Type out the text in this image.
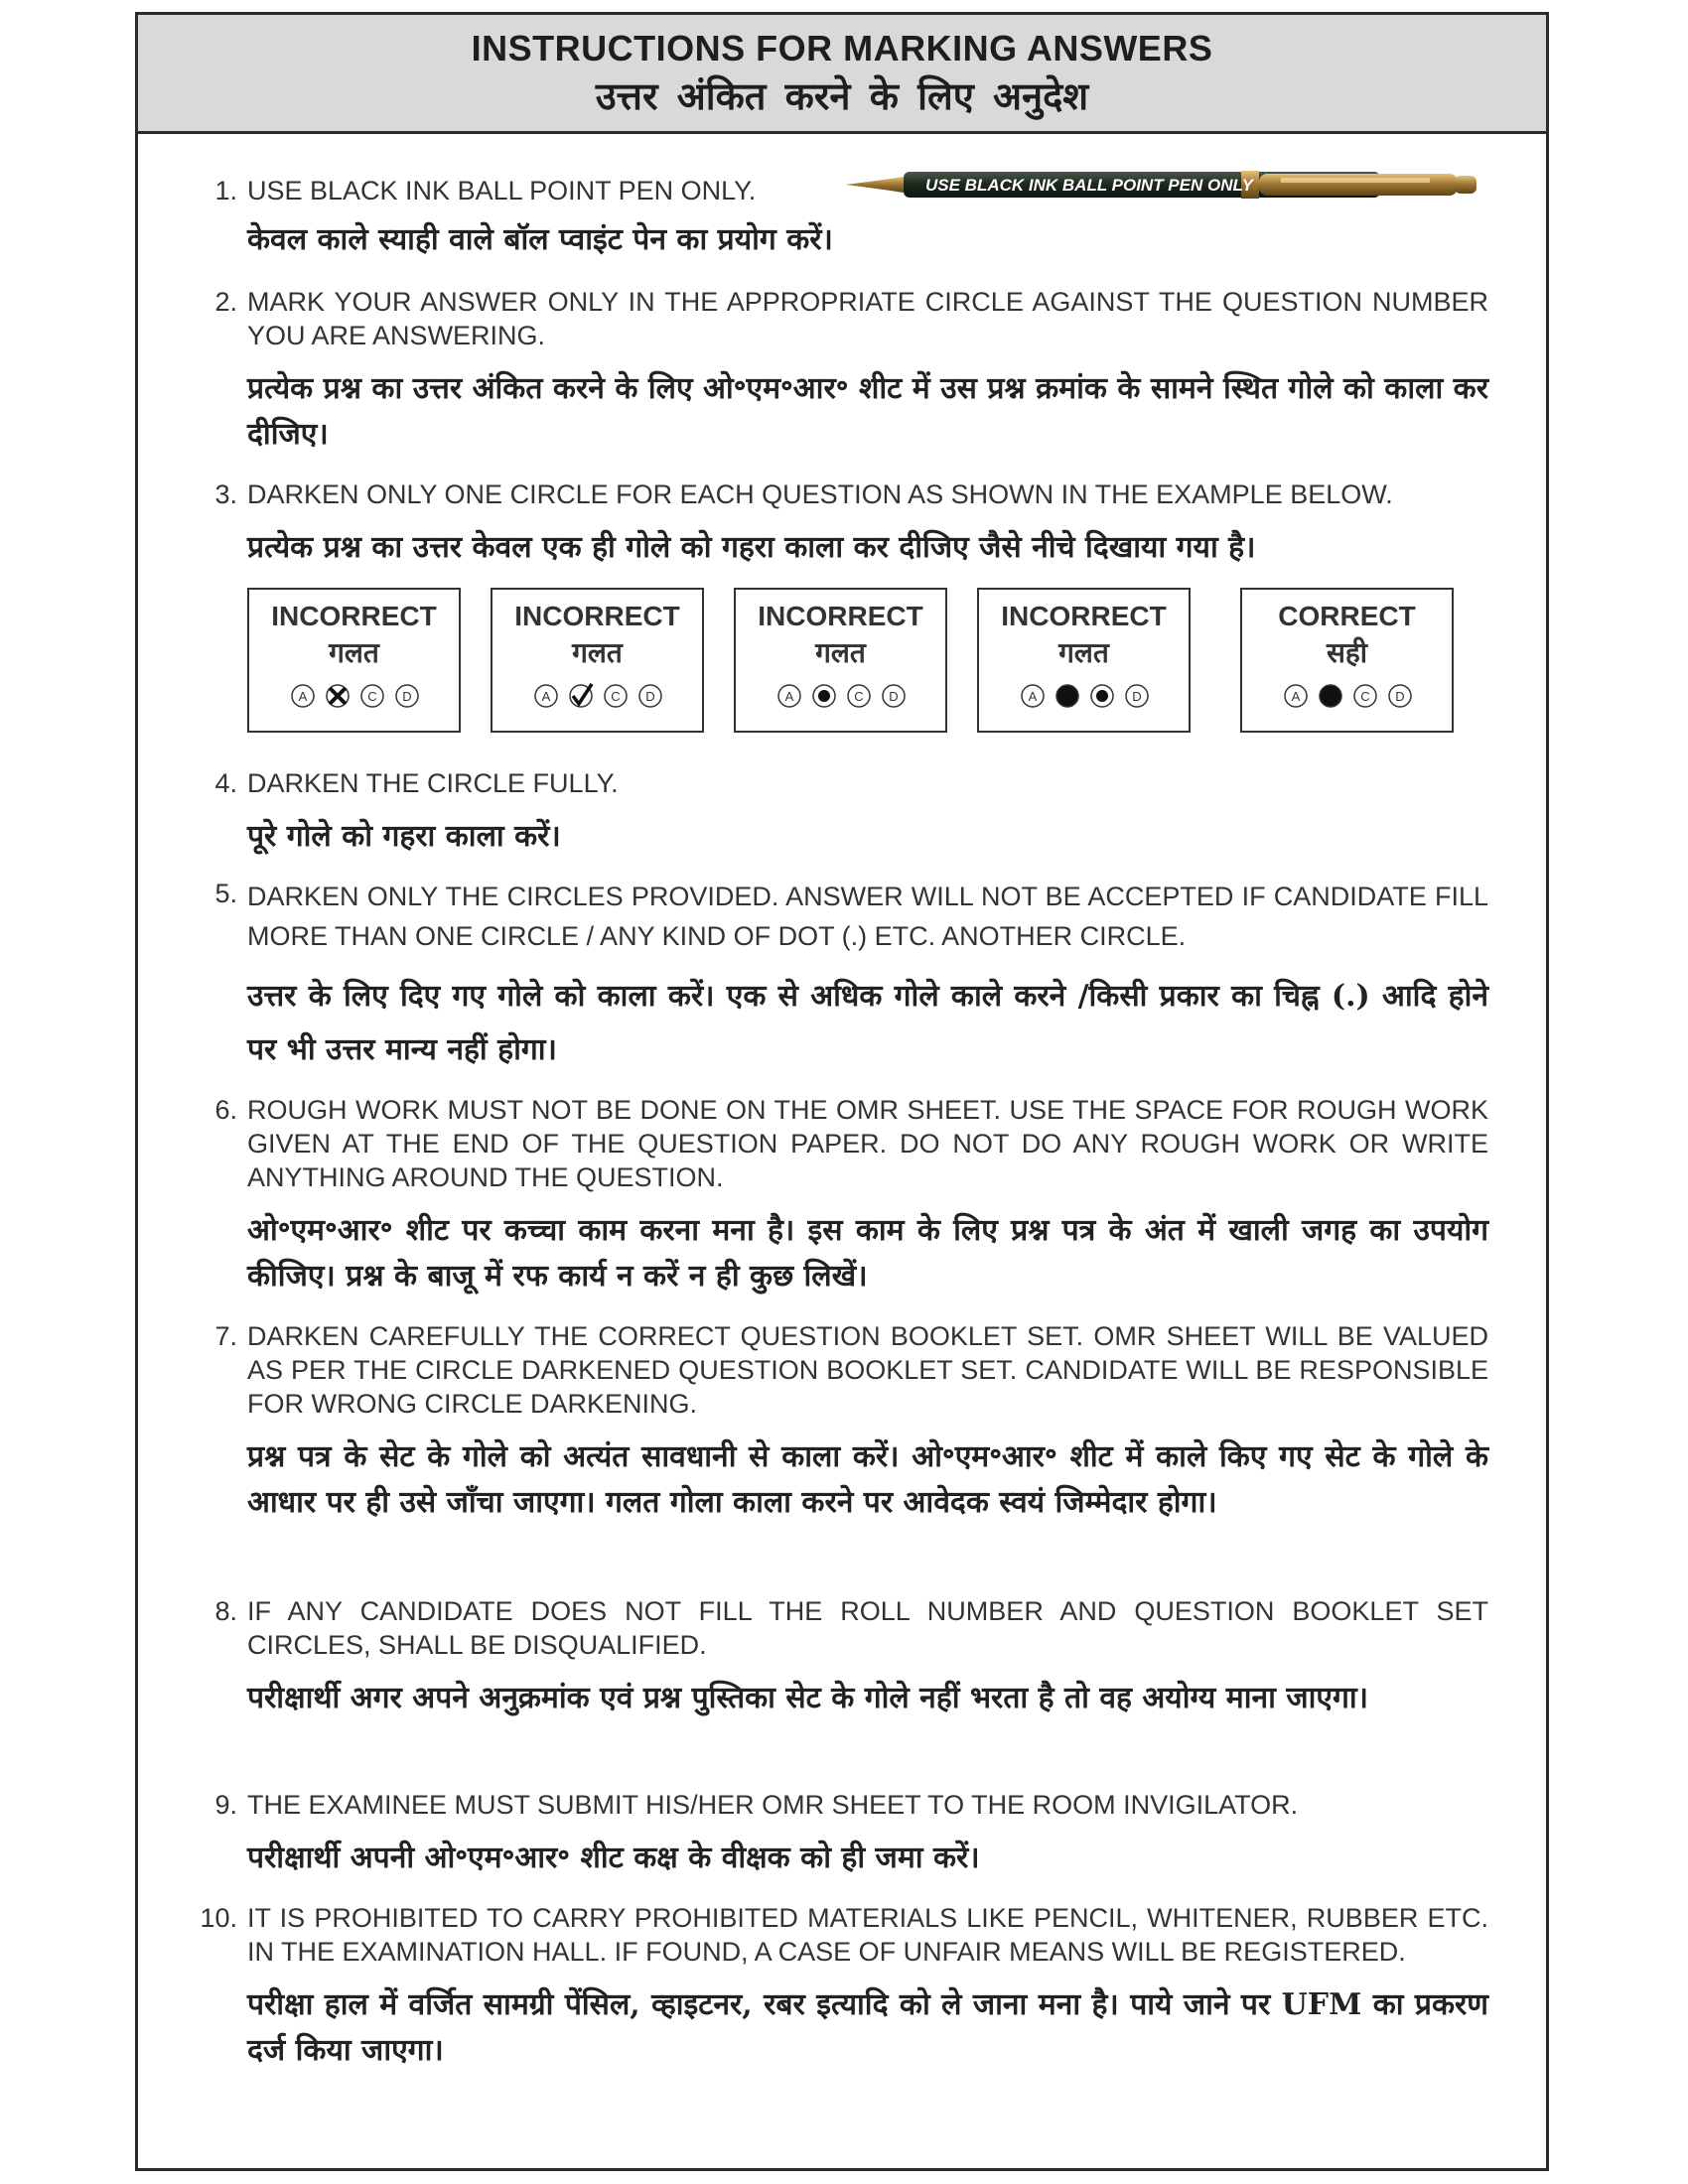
INSTRUCTIONS FOR MARKING ANSWERS
उत्तर अंकित करने के लिए अनुदेश
USE BLACK INK BALL POINT PEN ONLY
1. USE BLACK INK BALL POINT PEN ONLY.
केवल काले स्याही वाले बॉल प्वाइंट पेन का प्रयोग करें।
2. MARK YOUR ANSWER ONLY IN THE APPROPRIATE CIRCLE AGAINST THE QUESTION NUMBER YOU ARE ANSWERING.
प्रत्येक प्रश्न का उत्तर अंकित करने के लिए ओ॰एम॰आर॰ शीट में उस प्रश्न क्रमांक के सामने स्थित गोले को काला कर दीजिए।
3. DARKEN ONLY ONE CIRCLE FOR EACH QUESTION AS SHOWN IN THE EXAMPLE BELOW.
प्रत्येक प्रश्न का उत्तर केवल एक ही गोले को गहरा काला कर दीजिए जैसे नीचे दिखाया गया है।
INCORRECT
गलत
A	C D
INCORRECT
गलत
A	C D
INCORRECT
गलत
A	C D
INCORRECT
गलत
A	D
CORRECT
सही
A	C D
4. DARKEN THE CIRCLE FULLY.
पूरे गोले को गहरा काला करें।
5. DARKEN ONLY THE CIRCLES PROVIDED. ANSWER WILL NOT BE ACCEPTED IF CANDIDATE FILL MORE THAN ONE CIRCLE / ANY KIND OF DOT (.) ETC. ANOTHER CIRCLE.
उत्तर के लिए दिए गए गोले को काला करें। एक से अधिक गोले काले करने /किसी प्रकार का चिह्न (.) आदि होने पर भी उत्तर मान्य नहीं होगा।
6. ROUGH WORK MUST NOT BE DONE ON THE OMR SHEET. USE THE SPACE FOR ROUGH WORK GIVEN AT THE END OF THE QUESTION PAPER. DO NOT DO ANY ROUGH WORK OR WRITE ANYTHING AROUND THE QUESTION.
ओ॰एम॰आर॰ शीट पर कच्चा काम करना मना है। इस काम के लिए प्रश्न पत्र के अंत में खाली जगह का उपयोग कीजिए। प्रश्न के बाजू में रफ कार्य न करें न ही कुछ लिखें।
7. DARKEN CAREFULLY THE CORRECT QUESTION BOOKLET SET. OMR SHEET WILL BE VALUED AS PER THE CIRCLE DARKENED QUESTION BOOKLET SET. CANDIDATE WILL BE RESPONSIBLE FOR WRONG CIRCLE DARKENING.
प्रश्न पत्र के सेट के गोले को अत्यंत सावधानी से काला करें। ओ॰एम॰आर॰ शीट में काले किए गए सेट के गोले के आधार पर ही उसे जाँचा जाएगा। गलत गोला काला करने पर आवेदक स्वयं जिम्मेदार होगा।
8. IF ANY CANDIDATE DOES NOT FILL THE ROLL NUMBER AND QUESTION BOOKLET SET CIRCLES, SHALL BE DISQUALIFIED.
परीक्षार्थी अगर अपने अनुक्रमांक एवं प्रश्न पुस्तिका सेट के गोले नहीं भरता है तो वह अयोग्य माना जाएगा।
9. THE EXAMINEE MUST SUBMIT HIS/HER OMR SHEET TO THE ROOM INVIGILATOR.
परीक्षार्थी अपनी ओ॰एम॰आर॰ शीट कक्ष के वीक्षक को ही जमा करें।
10. IT IS PROHIBITED TO CARRY PROHIBITED MATERIALS LIKE PENCIL, WHITENER, RUBBER ETC. IN THE EXAMINATION HALL. IF FOUND, A CASE OF UNFAIR MEANS WILL BE REGISTERED.
परीक्षा हाल में वर्जित सामग्री पेंसिल, व्हाइटनर, रबर इत्यादि को ले जाना मना है। पाये जाने पर UFM का प्रकरण दर्ज किया जाएगा।
